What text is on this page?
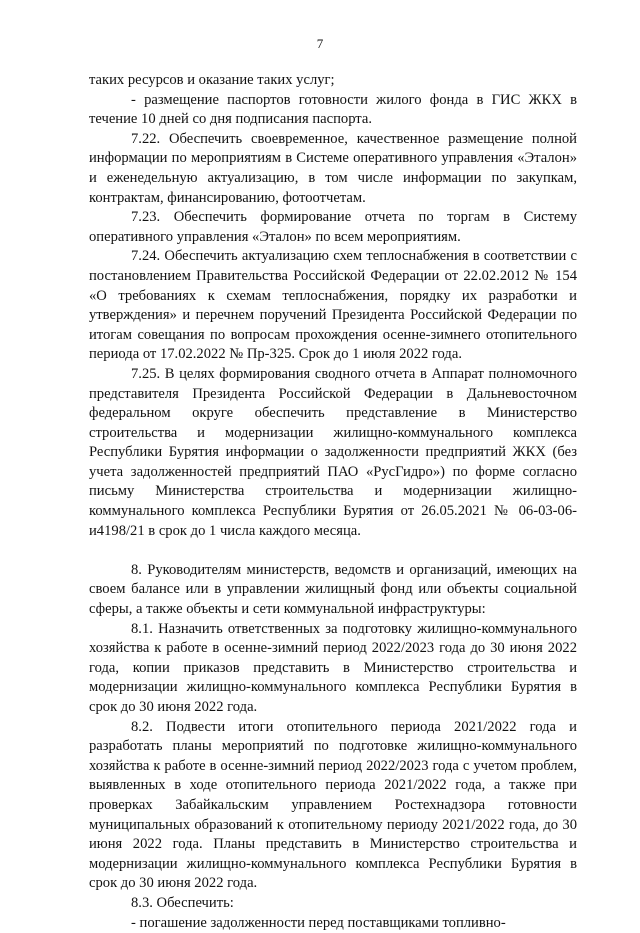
7

таких ресурсов и оказание таких услуг;

- размещение паспортов готовности жилого фонда в ГИС ЖКХ в течение 10 дней со дня подписания паспорта.

7.22. Обеспечить своевременное, качественное размещение полной информации по мероприятиям в Системе оперативного управления «Эталон» и еженедельную актуализацию, в том числе информации по закупкам, контрактам, финансированию, фотоотчетам.

7.23. Обеспечить формирование отчета по торгам в Систему оперативного управления «Эталон» по всем мероприятиям.

7.24. Обеспечить актуализацию схем теплоснабжения в соответствии с постановлением Правительства Российской Федерации от 22.02.2012 № 154 «О требованиях к схемам теплоснабжения, порядку их разработки и утверждения» и перечнем поручений Президента Российской Федерации по итогам совещания по вопросам прохождения осенне-зимнего отопительного периода от 17.02.2022 № Пр-325. Срок до 1 июля 2022 года.

7.25. В целях формирования сводного отчета в Аппарат полномочного представителя Президента Российской Федерации в Дальневосточном федеральном округе обеспечить представление в Министерство строительства и модернизации жилищно-коммунального комплекса Республики Бурятия информации о задолженности предприятий ЖКХ (без учета задолженностей предприятий ПАО «РусГидро») по форме согласно письму Министерства строительства и модернизации жилищно-коммунального комплекса Республики Бурятия от 26.05.2021 № 06-03-06-и4198/21 в срок до 1 числа каждого месяца.

8. Руководителям министерств, ведомств и организаций, имеющих на своем балансе или в управлении жилищный фонд или объекты социальной сферы, а также объекты и сети коммунальной инфраструктуры:

8.1. Назначить ответственных за подготовку жилищно-коммунального хозяйства к работе в осенне-зимний период 2022/2023 года до 30 июня 2022 года, копии приказов представить в Министерство строительства и модернизации жилищно-коммунального комплекса Республики Бурятия в срок до 30 июня 2022 года.

8.2. Подвести итоги отопительного периода 2021/2022 года и разработать планы мероприятий по подготовке жилищно-коммунального хозяйства к работе в осенне-зимний период 2022/2023 года с учетом проблем, выявленных в ходе отопительного периода 2021/2022 года, а также при проверках Забайкальским управлением Ростехнадзора готовности муниципальных образований к отопительному периоду 2021/2022 года, до 30 июня 2022 года. Планы представить в Министерство строительства и модернизации жилищно-коммунального комплекса Республики Бурятия в срок до 30 июня 2022 года.

8.3. Обеспечить:

- погашение задолженности перед поставщиками топливно-
